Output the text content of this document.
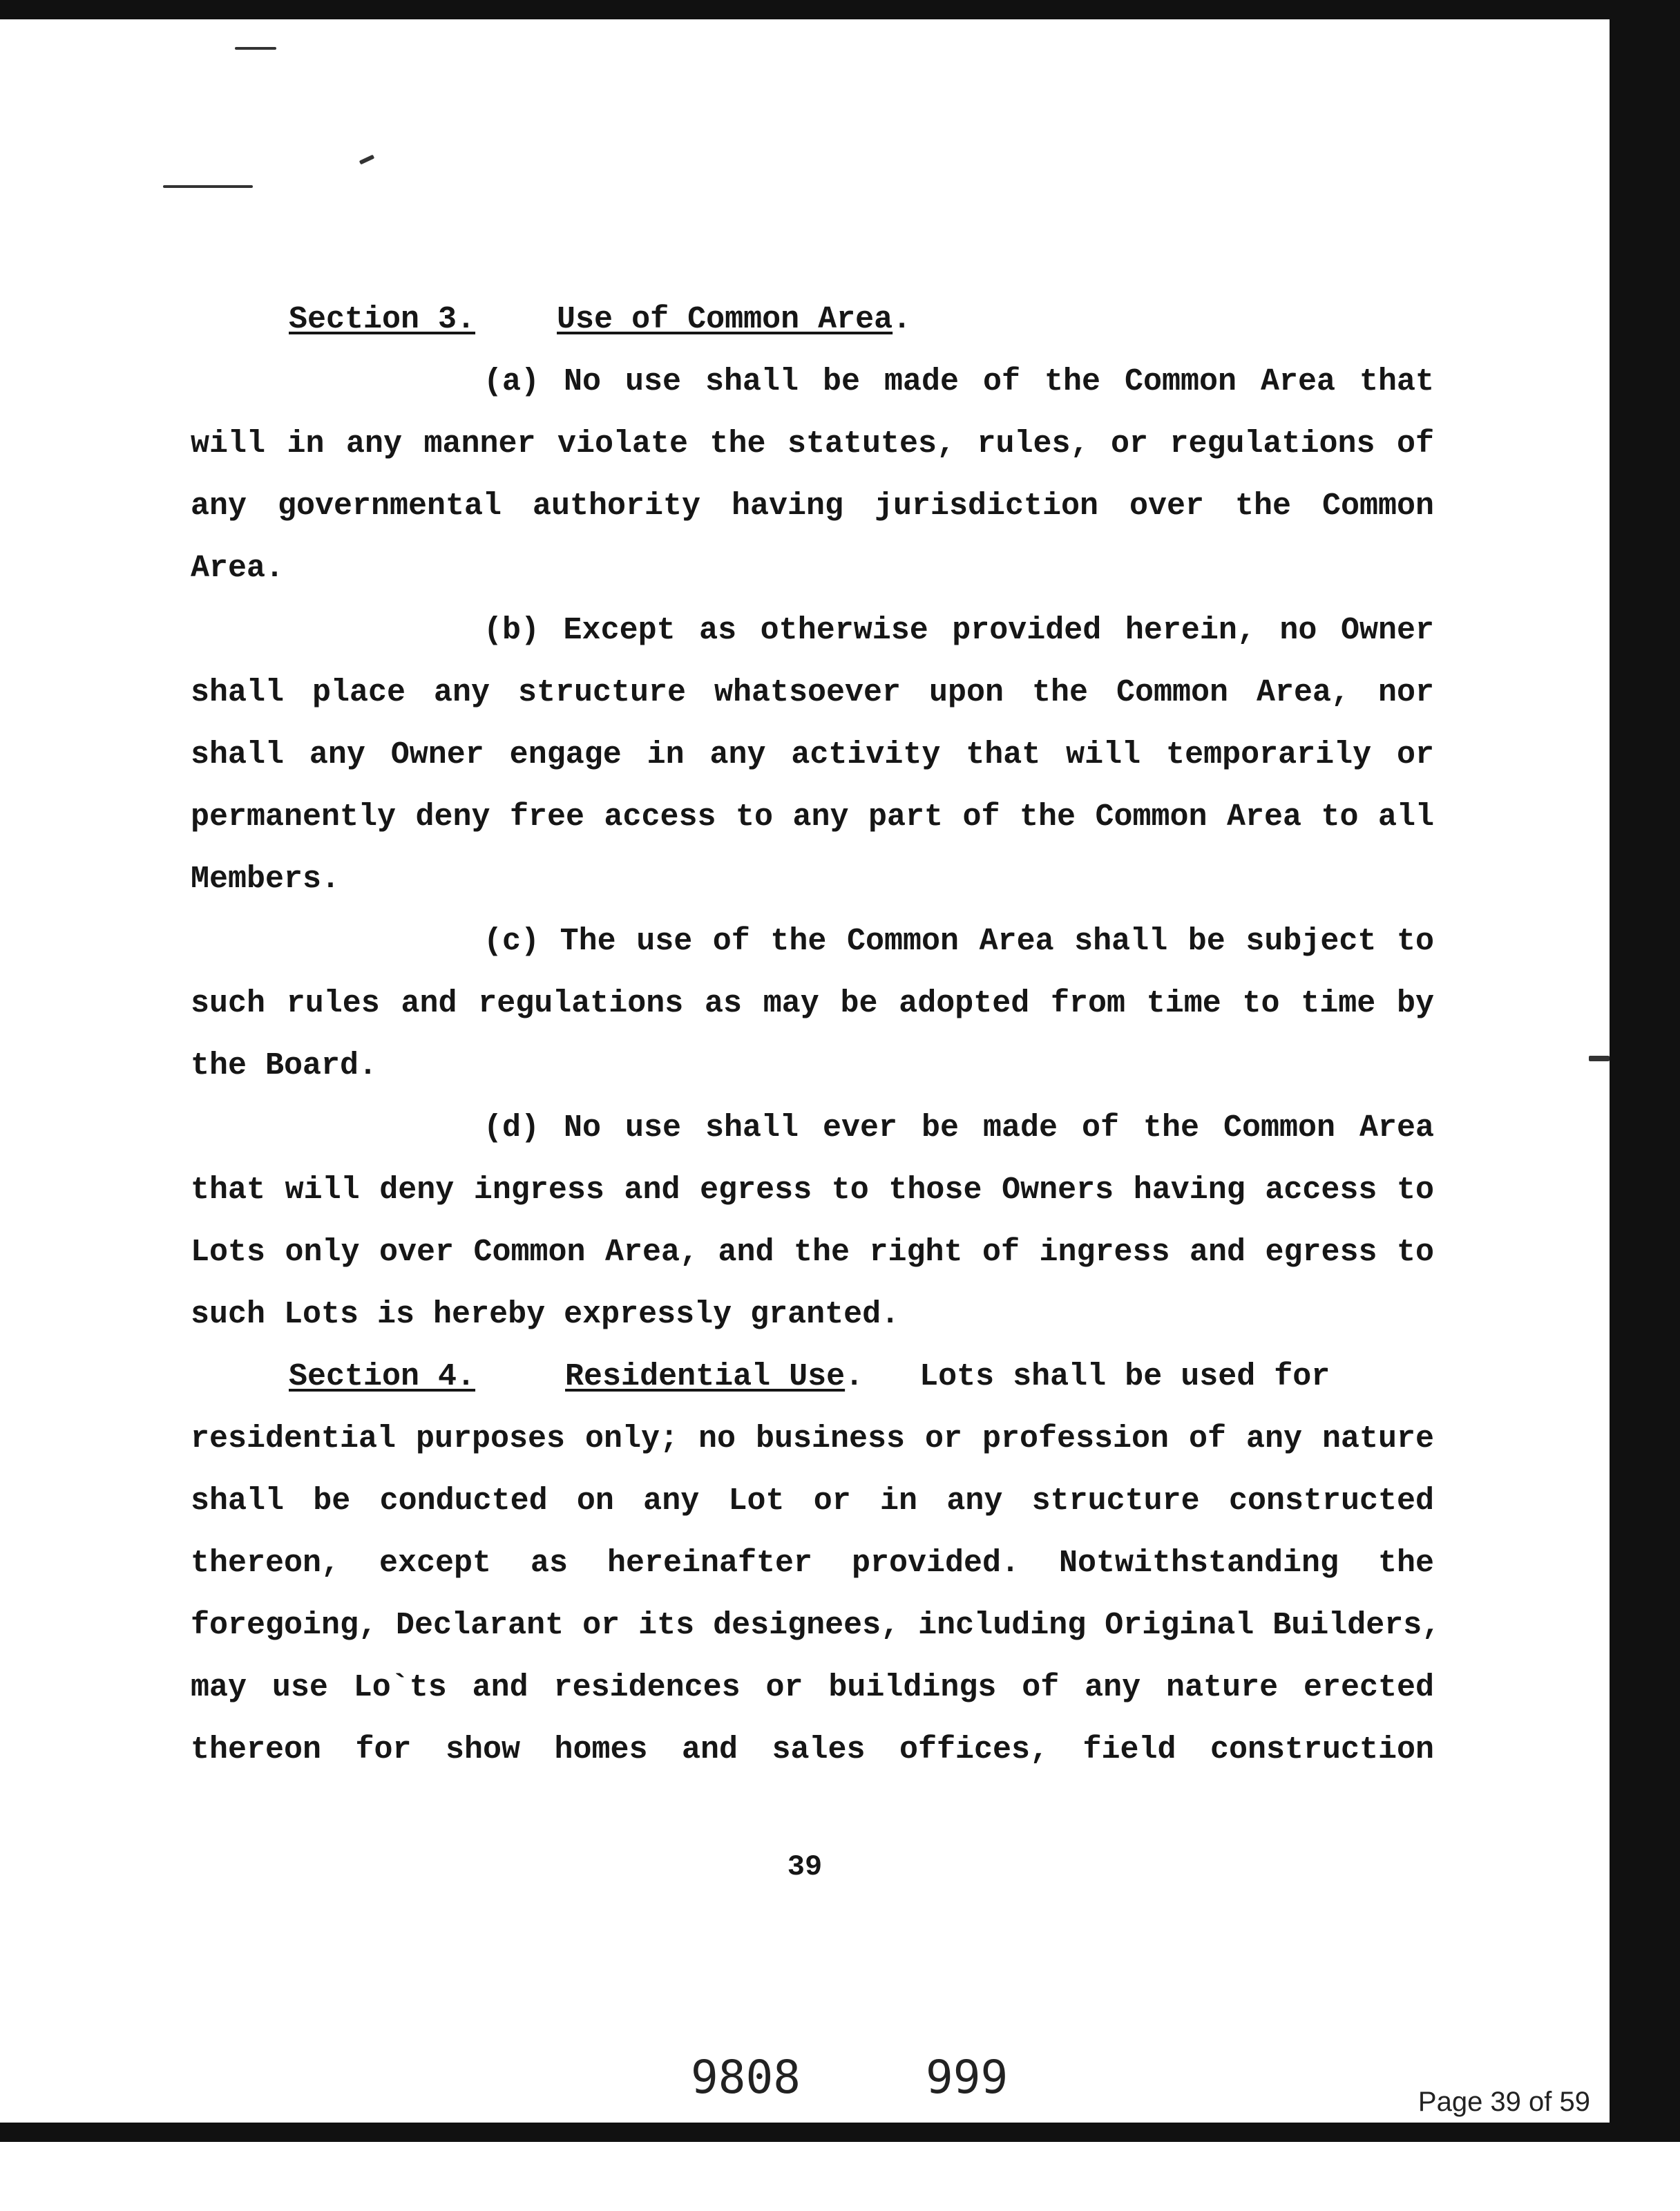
Section 3.	Use of Common Area.
(a) No use shall be made of the Common Area that
will in any manner violate the statutes, rules, or regulations of
any governmental authority having jurisdiction over the Common
Area.
(b) Except as otherwise provided herein, no Owner
shall place any structure whatsoever upon the Common Area, nor
shall any Owner engage in any activity that will temporarily or
permanently deny free access to any part of the Common Area to all
Members.
(c) The use of the Common Area shall be subject to
such rules and regulations as may be adopted from time to time by
the Board.
(d) No use shall ever be made of the Common Area
that will deny ingress and egress to those Owners having access to
Lots only over Common Area, and the right of ingress and egress to
such Lots is hereby expressly granted.
Section 4.	Residential Use.   Lots shall be used for
residential purposes only; no business or profession of any nature
shall be conducted on any Lot or in any structure constructed
thereon, except as hereinafter provided. Notwithstanding the
foregoing, Declarant or its designees, including Original Builders,
may use Lo`ts and residences or buildings of any nature erected
thereon for show homes and sales offices, field construction
39
9808	999	Page 39 of 59
